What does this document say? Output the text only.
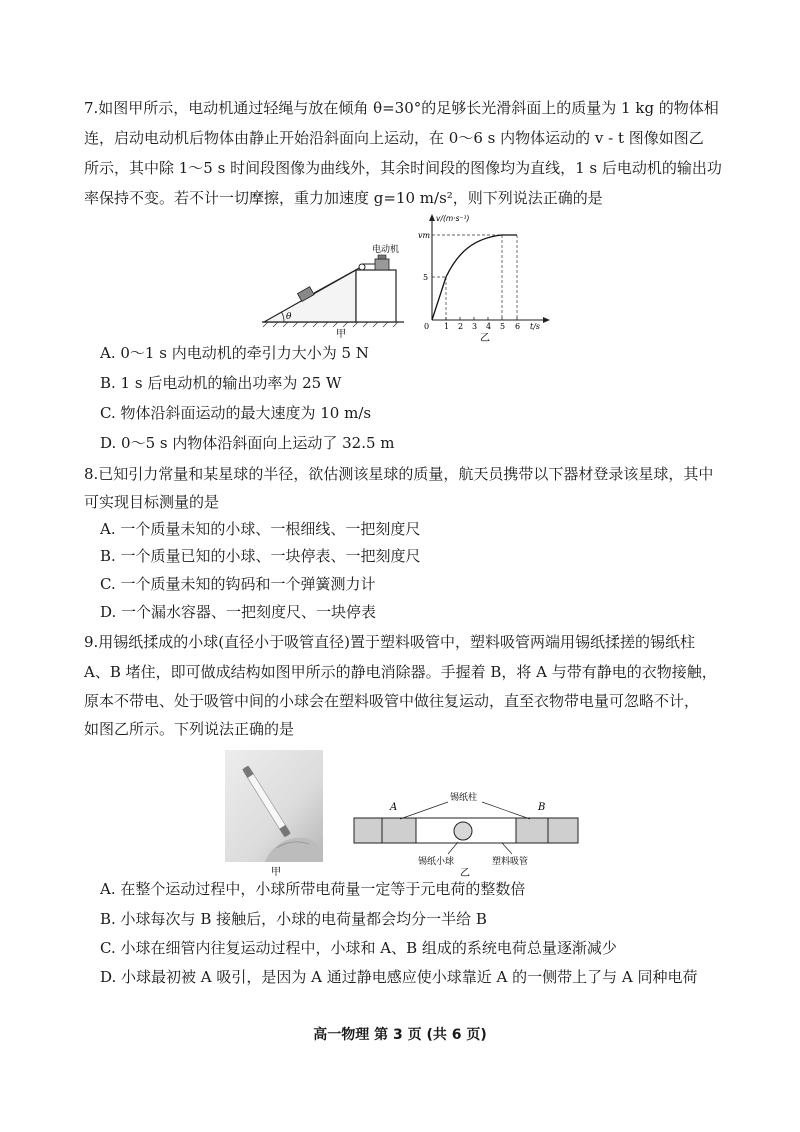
7.如图甲所示，电动机通过轻绳与放在倾角 θ=30°的足够长光滑斜面上的质量为 1 kg 的物体相
连，启动电动机后物体由静止开始沿斜面向上运动，在 0～6 s 内物体运动的 v - t 图像如图乙
所示，其中除 1～5 s 时间段图像为曲线外，其余时间段的图像均为直线，1 s 后电动机的输出功
率保持不变。若不计一切摩擦，重力加速度 g=10 m/s²，则下列说法正确的是
θ
电动机
甲
v/(m·s⁻¹)
vm
5
0 1 2 3 4 5 6 t/s
乙
A. 0～1 s 内电动机的牵引力大小为 5 N
B. 1 s 后电动机的输出功率为 25 W
C. 物体沿斜面运动的最大速度为 10 m/s
D. 0～5 s 内物体沿斜面向上运动了 32.5 m
8.已知引力常量和某星球的半径，欲估测该星球的质量，航天员携带以下器材登录该星球，其中
可实现目标测量的是
A. 一个质量未知的小球、一根细线、一把刻度尺
B. 一个质量已知的小球、一块停表、一把刻度尺
C. 一个质量未知的钩码和一个弹簧测力计
D. 一个漏水容器、一把刻度尺、一块停表
9.用锡纸揉成的小球(直径小于吸管直径)置于塑料吸管中，塑料吸管两端用锡纸揉搓的锡纸柱
A、B 堵住，即可做成结构如图甲所示的静电消除器。手握着 B，将 A 与带有静电的衣物接触，
原本不带电、处于吸管中间的小球会在塑料吸管中做往复运动，直至衣物带电量可忽略不计，
如图乙所示。下列说法正确的是
甲
A	B
锡纸柱
锡纸小球	塑料吸管
乙
A. 在整个运动过程中，小球所带电荷量一定等于元电荷的整数倍
B. 小球每次与 B 接触后，小球的电荷量都会均分一半给 B
C. 小球在细管内往复运动过程中，小球和 A、B 组成的系统电荷总量逐渐减少
D. 小球最初被 A 吸引，是因为 A 通过静电感应使小球靠近 A 的一侧带上了与 A 同种电荷
高一物理 第 3 页 (共 6 页)
